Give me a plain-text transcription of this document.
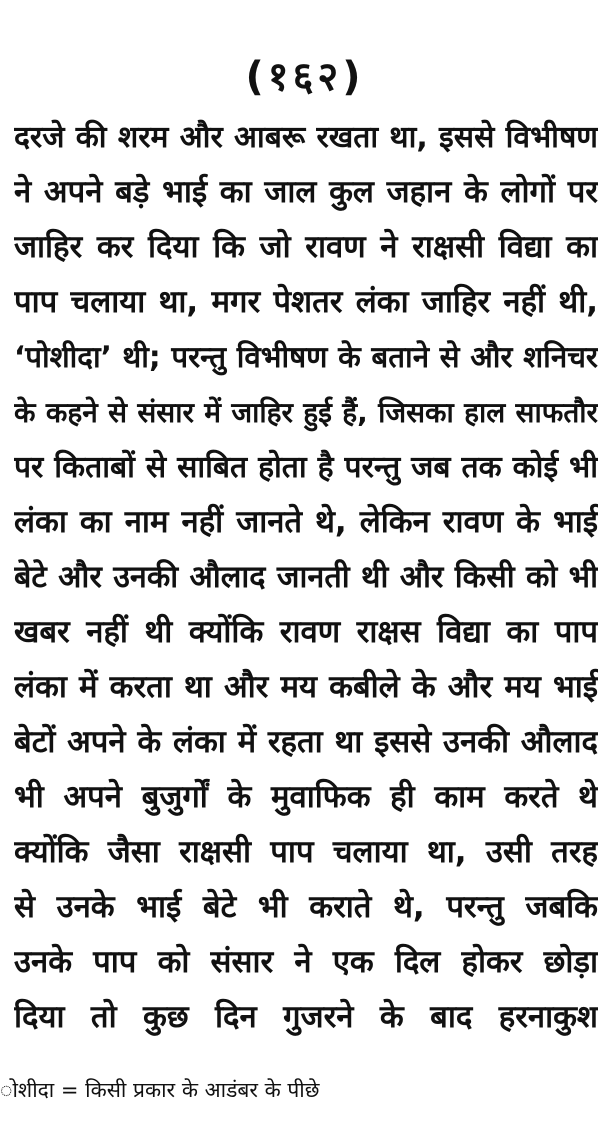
(१६२)
दरजे की शरम और आबरू रखता था, इससे विभीषण
ने अपने बड़े भाई का जाल कुल जहान के लोगों पर
जाहिर कर दिया कि जो रावण ने राक्षसी विद्या का
पाप चलाया था, मगर पेशतर लंका जाहिर नहीं थी,
‘पोशीदा’ थी; परन्तु विभीषण के बताने से और शनिचर
के कहने से संसार में जाहिर हुई हैं, जिसका हाल साफतौर
पर किताबों से साबित होता है परन्तु जब तक कोई भी
लंका का नाम नहीं जानते थे, लेकिन रावण के भाई
बेटे और उनकी औलाद जानती थी और किसी को भी
खबर नहीं थी क्योंकि रावण राक्षस विद्या का पाप
लंका में करता था और मय कबीले के और मय भाई
बेटों अपने के लंका में रहता था इससे उनकी औलाद
भी अपने बुजुर्गों के मुवाफिक ही काम करते थे
क्योंकि जैसा राक्षसी पाप चलाया था, उसी तरह
से उनके भाई बेटे भी कराते थे, परन्तु जबकि
उनके पाप को संसार ने एक दिल होकर छोड़ा
दिया तो कुछ दिन गुजरने के बाद हरनाकुश
ोशीदा = किसी प्रकार के आडंबर के पीछे
